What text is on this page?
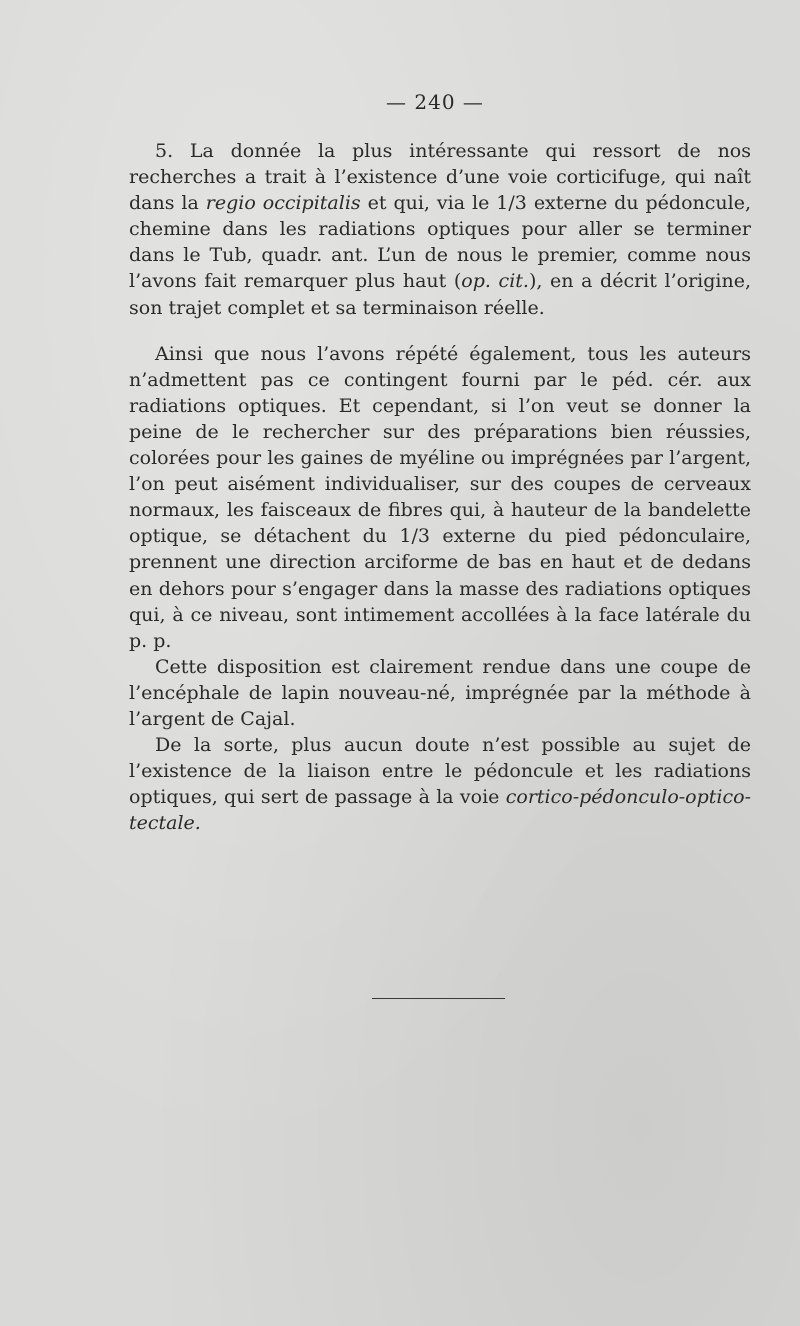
— 240 —

5. La donnée la plus intéressante qui ressort de nos recherches a trait à l’existence d’une voie corticifuge, qui naît dans la regio occipitalis et qui, via le 1/3 externe du pédoncule, chemine dans les radiations optiques pour aller se terminer dans le Tub, quadr. ant. L’un de nous le premier, comme nous l’avons fait remarquer plus haut (op. cit.), en a décrit l’origine, son trajet complet et sa terminaison réelle.

Ainsi que nous l’avons répété également, tous les auteurs n’admettent pas ce contingent fourni par le péd. cér. aux radiations optiques. Et cependant, si l’on veut se donner la peine de le rechercher sur des préparations bien réussies, colorées pour les gaines de myéline ou imprégnées par l’argent, l’on peut aisément individualiser, sur des coupes de cerveaux normaux, les faisceaux de fibres qui, à hauteur de la bandelette optique, se détachent du 1/3 externe du pied pédonculaire, prennent une direction arciforme de bas en haut et de dedans en dehors pour s’engager dans la masse des radiations optiques qui, à ce niveau, sont intimement accollées à la face latérale du p. p.

Cette disposition est clairement rendue dans une coupe de l’encéphale de lapin nouveau-né, imprégnée par la méthode à l’argent de Cajal.

De la sorte, plus aucun doute n’est possible au sujet de l’existence de la liaison entre le pédoncule et les radiations optiques, qui sert de passage à la voie cortico-pédonculo-optico-tectale.
